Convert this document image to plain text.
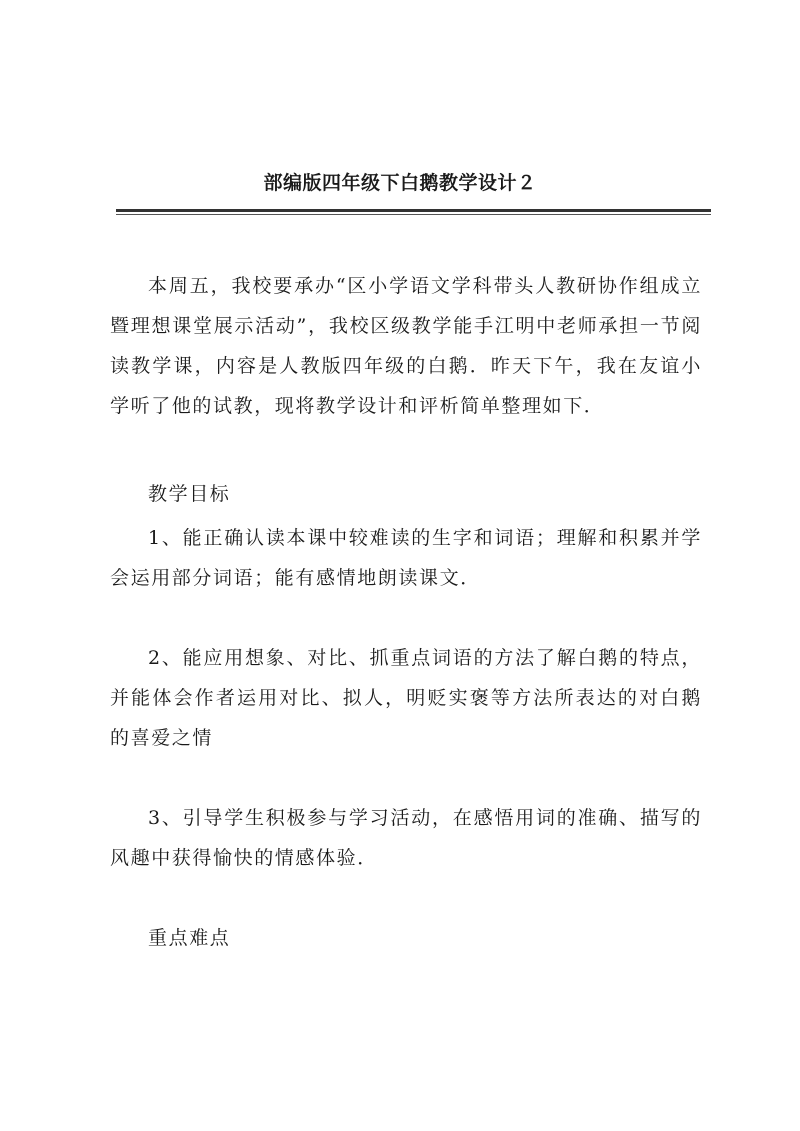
部编版四年级下白鹅教学设计２

本周五，我校要承办“区小学语文学科带头人教研协作组成立暨理想课堂展示活动”，我校区级教学能手江明中老师承担一节阅读教学课，内容是人教版四年级的白鹅．昨天下午，我在友谊小学听了他的试教，现将教学设计和评析简单整理如下．

教学目标

1、能正确认读本课中较难读的生字和词语；理解和积累并学会运用部分词语；能有感情地朗读课文．

2、能应用想象、对比、抓重点词语的方法了解白鹅的特点，并能体会作者运用对比、拟人，明贬实褒等方法所表达的对白鹅的喜爱之情

3、引导学生积极参与学习活动，在感悟用词的准确、描写的风趣中获得愉快的情感体验．

重点难点
